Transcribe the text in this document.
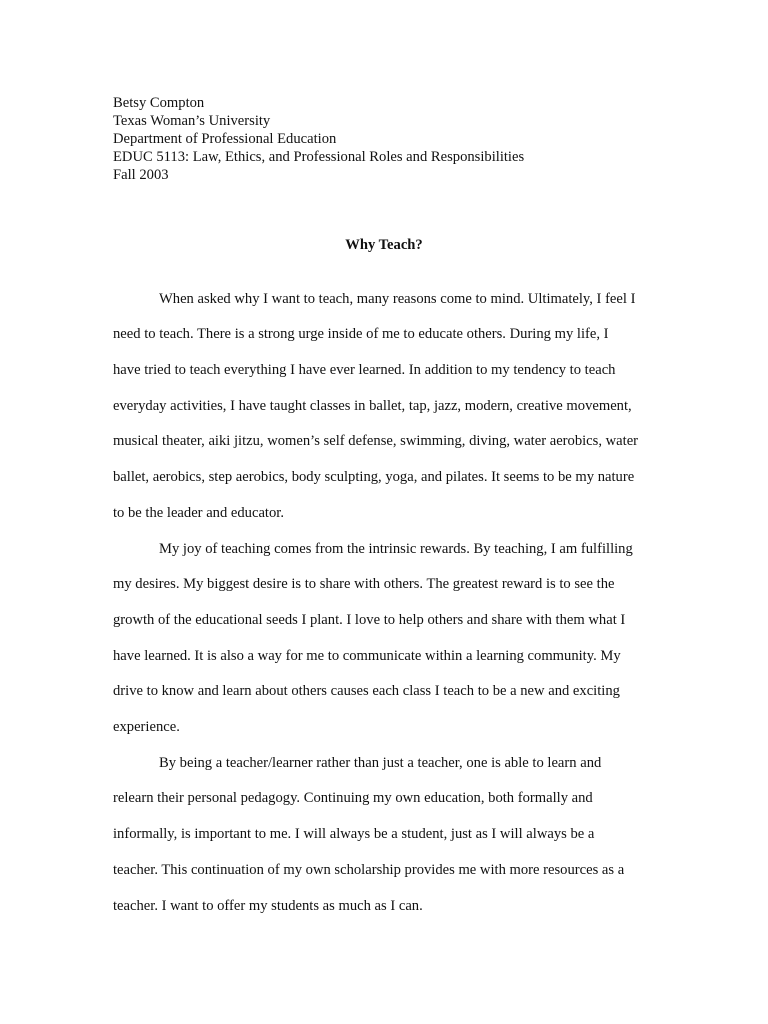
Betsy Compton
Texas Woman’s University
Department of Professional Education
EDUC 5113: Law, Ethics, and Professional Roles and Responsibilities
Fall 2003
Why Teach?
When asked why I want to teach, many reasons come to mind. Ultimately, I feel I
need to teach. There is a strong urge inside of me to educate others. During my life, I
have tried to teach everything I have ever learned. In addition to my tendency to teach
everyday activities, I have taught classes in ballet, tap, jazz, modern, creative movement,
musical theater, aiki jitzu, women’s self defense, swimming, diving, water aerobics, water
ballet, aerobics, step aerobics, body sculpting, yoga, and pilates. It seems to be my nature
to be the leader and educator.
My joy of teaching comes from the intrinsic rewards. By teaching, I am fulfilling
my desires. My biggest desire is to share with others. The greatest reward is to see the
growth of the educational seeds I plant. I love to help others and share with them what I
have learned. It is also a way for me to communicate within a learning community. My
drive to know and learn about others causes each class I teach to be a new and exciting
experience.
By being a teacher/learner rather than just a teacher, one is able to learn and
relearn their personal pedagogy. Continuing my own education, both formally and
informally, is important to me. I will always be a student, just as I will always be a
teacher. This continuation of my own scholarship provides me with more resources as a
teacher. I want to offer my students as much as I can.
